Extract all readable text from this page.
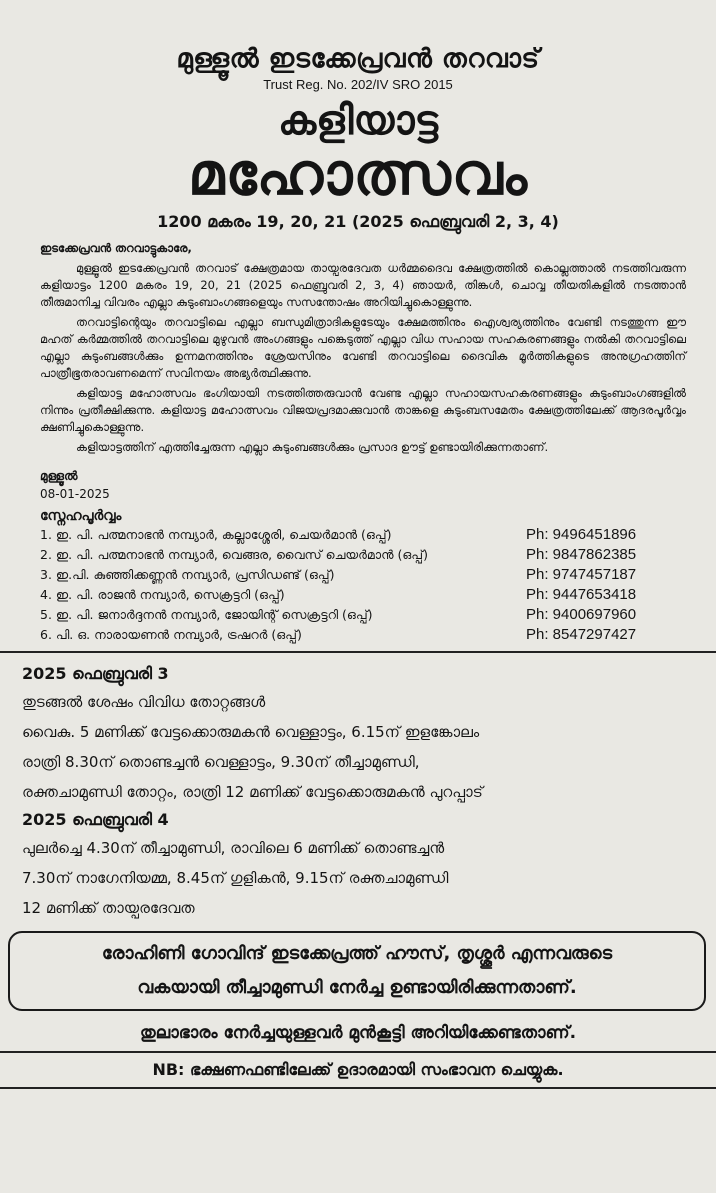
മുള്ളൂൽ ഇടക്കേപ്രവൻ തറവാട്
Trust Reg. No. 202/IV SRO 2015
കളിയാട്ട
മഹോത്സവം
1200 മകരം 19, 20, 21 (2025 ഫെബ്രുവരി 2, 3, 4)

ഇടക്കേപ്രവൻ തറവാട്ടുകാരേ,

മുള്ളൂൽ ഇടക്കേപ്രവൻ തറവാട് ക്ഷേത്രമായ തായ്പരദേവത ധർമ്മദൈവ ക്ഷേത്രത്തിൽ കൊല്ലത്താൽ നടത്തിവരുന്ന കളിയാട്ടം 1200 മകരം 19, 20, 21 (2025 ഫെബ്രുവരി 2, 3, 4) ഞായർ, തിങ്കൾ, ചൊവ്വ തീയതികളിൽ നടത്താൻ തീരുമാനിച്ച വിവരം എല്ലാ കുടുംബാംഗങ്ങളെയും സസന്തോഷം അറിയിച്ചുകൊള്ളുന്നു.

തറവാട്ടിന്റെയും തറവാട്ടിലെ എല്ലാ ബന്ധുമിത്രാദികളുടേയും ക്ഷേമത്തിനും ഐശ്വര്യത്തിനും വേണ്ടി നടത്തുന്ന ഈ മഹത് കർമ്മത്തിൽ തറവാട്ടിലെ മുഴുവൻ അംഗങ്ങളും പങ്കെടുത്ത് എല്ലാ വിധ സഹായ സഹകരണങ്ങളും നൽകി തറവാട്ടിലെ എല്ലാ കുടുംബങ്ങൾക്കും ഉന്നമനത്തിനും ശ്രേയസിനും വേണ്ടി തറവാട്ടിലെ ദൈവിക മൂർത്തികളുടെ അനുഗ്രഹത്തിന് പാത്രീഭൂതരാവണമെന്ന് സവിനയം അഭ്യർത്ഥിക്കുന്നു.

കളിയാട്ട മഹോത്സവം ഭംഗിയായി നടത്തിത്തരുവാൻ വേണ്ട എല്ലാ സഹായസഹകരണങ്ങളും കുടുംബാംഗങ്ങളിൽ നിന്നും പ്രതീക്ഷിക്കുന്നു. കളിയാട്ട മഹോത്സവം വിജയപ്രദമാക്കുവാൻ താങ്കളെ കുടുംബസമേതം ക്ഷേത്രത്തിലേക്ക് ആദരപൂർവ്വം ക്ഷണിച്ചുകൊള്ളുന്നു.

കളിയാട്ടത്തിന് എത്തിച്ചേരുന്ന എല്ലാ കുടുംബങ്ങൾക്കും പ്രസാദ ഊട്ട് ഉണ്ടായിരിക്കുന്നതാണ്.

മുള്ളൂൽ
08-01-2025
സ്നേഹപൂർവ്വം
1. ഇ. പി. പത്മനാഭൻ നമ്പ്യാർ, കല്ലാശ്ശേരി, ചെയർമാൻ (ഒപ്പ്)	Ph: 9496451896
2. ഇ. പി. പത്മനാഭൻ നമ്പ്യാർ, വെങ്ങര, വൈസ് ചെയർമാൻ (ഒപ്പ്)	Ph: 9847862385
3. ഇ.പി. കുഞ്ഞിക്കണ്ണൻ നമ്പ്യാർ, പ്രസിഡണ്ട് (ഒപ്പ്)	Ph: 9747457187
4. ഇ. പി. രാജൻ നമ്പ്യാർ, സെക്രട്ടറി (ഒപ്പ്)	Ph: 9447653418
5. ഇ. പി. ജനാർദ്ദനൻ നമ്പ്യാർ, ജോയിന്റ് സെക്രട്ടറി (ഒപ്പ്)	Ph: 9400697960
6. പി. ഒ. നാരായണൻ നമ്പ്യാർ, ട്രഷറർ (ഒപ്പ്)	Ph: 8547297427
2025 ഫെബ്രുവരി 3
തുടങ്ങൽ ശേഷം വിവിധ തോറ്റങ്ങൾ
വൈകു. 5 മണിക്ക് വേട്ടക്കൊരുമകൻ വെള്ളാട്ടം, 6.15ന് ഇളങ്കോലം
രാത്രി 8.30ന് തൊണ്ടച്ചൻ വെള്ളാട്ടം, 9.30ന് തീച്ചാമുണ്ഡി,
രക്തചാമുണ്ഡി തോറ്റം, രാത്രി 12 മണിക്ക് വേട്ടക്കൊരുമകൻ പുറപ്പാട്
2025 ഫെബ്രുവരി 4
പുലർച്ചെ 4.30ന് തീച്ചാമുണ്ഡി, രാവിലെ 6 മണിക്ക് തൊണ്ടച്ചൻ
7.30ന് നാഗേനിയമ്മ, 8.45ന് ഗുളികൻ, 9.15ന് രക്തചാമുണ്ഡി
12 മണിക്ക് തായ്പരദേവത
രോഹിണി ഗോവിന്ദ് ഇടക്കേപ്രത്ത് ഹൗസ്, തൃശ്ശൂർ എന്നവരുടെ
വകയായി തീച്ചാമുണ്ഡി നേർച്ച ഉണ്ടായിരിക്കുന്നതാണ്.
തുലാഭാരം നേർച്ചയുള്ളവർ മുൻകൂട്ടി അറിയിക്കേണ്ടതാണ്.
NB: ഭക്ഷണഫണ്ടിലേക്ക് ഉദാരമായി സംഭാവന ചെയ്യുക.
